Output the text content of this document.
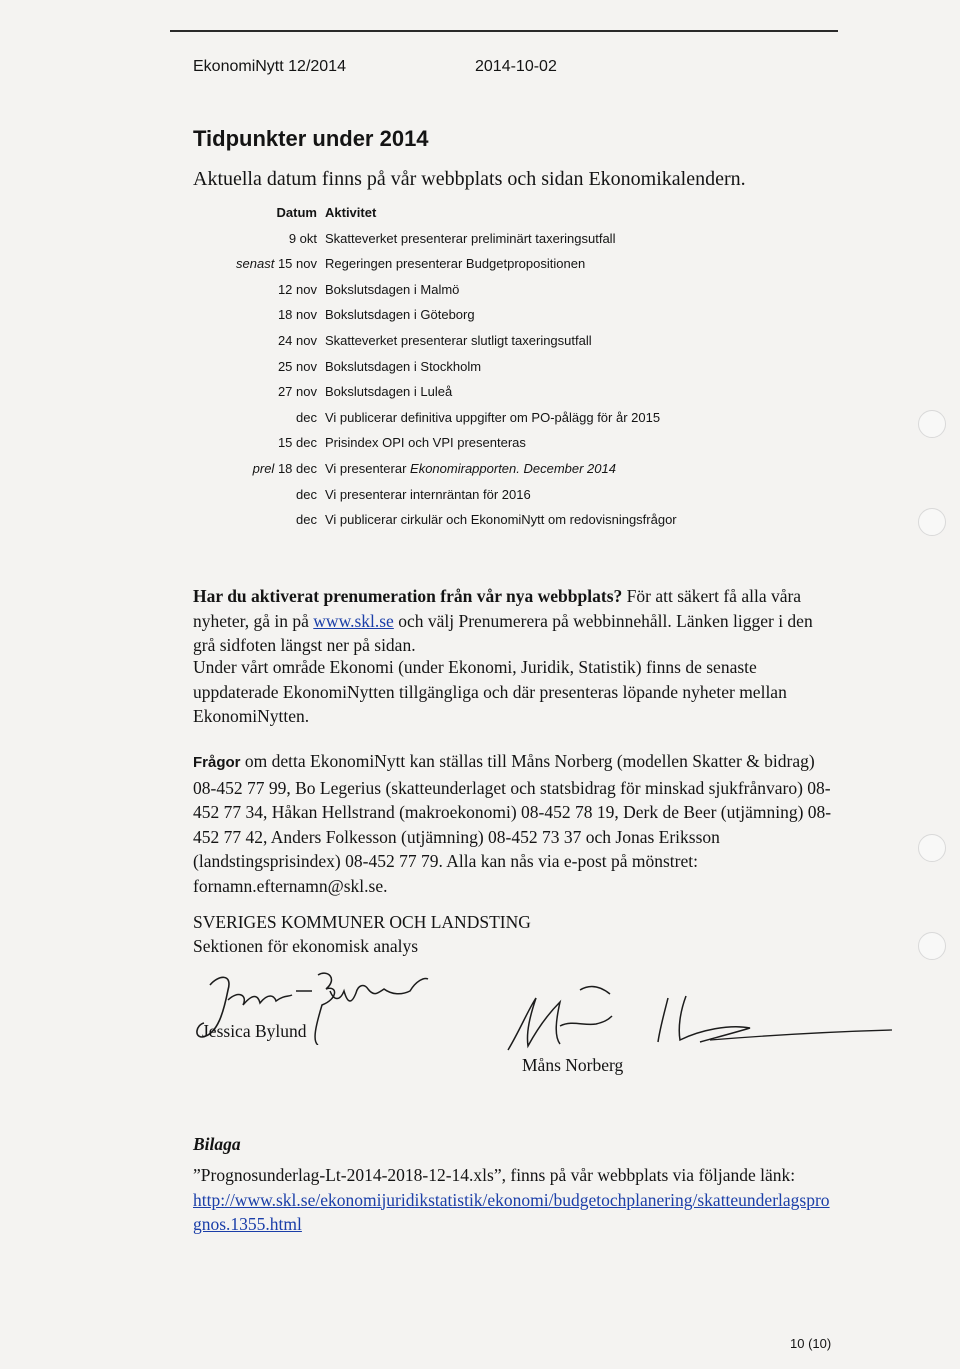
EkonomiNytt 12/2014	2014-10-02
Tidpunkter under 2014
Aktuella datum finns på vår webbplats och sidan Ekonomikalendern.
Datum Aktivitet
9 okt Skatteverket presenterar preliminärt taxeringsutfall
senast 15 nov Regeringen presenterar Budgetpropositionen
12 nov Bokslutsdagen i Malmö
18 nov Bokslutsdagen i Göteborg
24 nov Skatteverket presenterar slutligt taxeringsutfall
25 nov Bokslutsdagen i Stockholm
27 nov Bokslutsdagen i Luleå
dec Vi publicerar definitiva uppgifter om PO-pålägg för år 2015
15 dec Prisindex OPI och VPI presenteras
prel 18 dec Vi presenterar Ekonomirapporten. December 2014
dec Vi presenterar internräntan för 2016
dec Vi publicerar cirkulär och EkonomiNytt om redovisningsfrågor

Har du aktiverat prenumeration från vår nya webbplats? För att säkert få alla våra nyheter, gå in på www.skl.se och välj Prenumerera på webbinnehåll. Länken ligger i den grå sidfoten längst ner på sidan.

Under vårt område Ekonomi (under Ekonomi, Juridik, Statistik) finns de senaste uppdaterade EkonomiNytten tillgängliga och där presenteras löpande nyheter mellan EkonomiNytten.

Frågor om detta EkonomiNytt kan ställas till Måns Norberg (modellen Skatter & bidrag) 08-452 77 99, Bo Legerius (skatteunderlaget och statsbidrag för minskad sjukfrånvaro) 08-452 77 34, Håkan Hellstrand (makroekonomi) 08-452 78 19, Derk de Beer (utjämning) 08-452 77 42, Anders Folkesson (utjämning) 08-452 73 37 och Jonas Eriksson (landstingsprisindex) 08-452 77 79. Alla kan nås via e-post på mönstret: fornamn.efternamn@skl.se.

SVERIGES KOMMUNER OCH LANDSTING
Sektionen för ekonomisk analys
Jessica Bylund
Måns Norberg
Bilaga
”Prognosunderlag-Lt-2014-2018-12-14.xls”, finns på vår webbplats via följande länk:
http://www.skl.se/ekonomijuridikstatistik/ekonomi/budgetochplanering/skatteunderlagsprognos.1355.html
10 (10)
